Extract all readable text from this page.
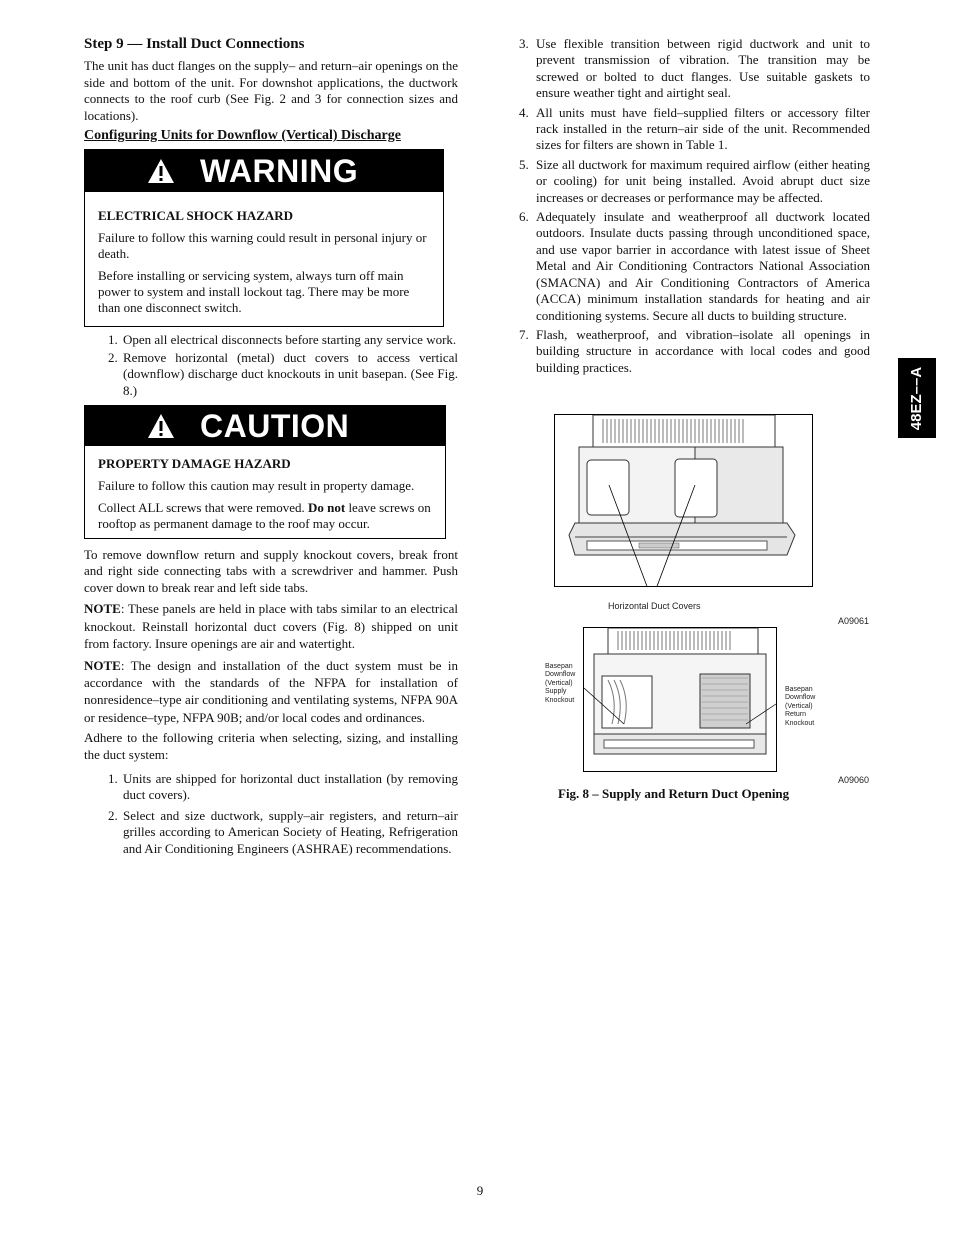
Step 9 — Install Duct Connections

The unit has duct flanges on the supply– and return–air openings on the side and bottom of the unit. For downshot applications, the ductwork connects to the roof curb (See Fig. 2 and 3 for connection sizes and locations).

Configuring Units for Downflow (Vertical) Discharge
WARNING
ELECTRICAL SHOCK HAZARD

Failure to follow this warning could result in personal injury or death.

Before installing or servicing system, always turn off main power to system and install lockout tag. There may be more than one disconnect switch.

1. Open all electrical disconnects before starting any service work.
2. Remove horizontal (metal) duct covers to access vertical (downflow) discharge duct knockouts in unit basepan. (See Fig. 8.)
CAUTION
PROPERTY DAMAGE HAZARD

Failure to follow this caution may result in property damage.

Collect ALL screws that were removed. Do not leave screws on rooftop as permanent damage to the roof may occur.

To remove downflow return and supply knockout covers, break front and right side connecting tabs with a screwdriver and hammer. Push cover down to break rear and left side tabs.

NOTE: These panels are held in place with tabs similar to an electrical knockout. Reinstall horizontal duct covers (Fig. 8) shipped on unit from factory. Insure openings are air and watertight.

NOTE: The design and installation of the duct system must be in accordance with the standards of the NFPA for installation of nonresidence–type air conditioning and ventilating systems, NFPA 90A or residence–type, NFPA 90B; and/or local codes and ordinances.

Adhere to the following criteria when selecting, sizing, and installing the duct system:

1. Units are shipped for horizontal duct installation (by removing duct covers).
2. Select and size ductwork, supply–air registers, and return–air grilles according to American Society of Heating, Refrigeration and Air Conditioning Engineers (ASHRAE) recommendations.
3. Use flexible transition between rigid ductwork and unit to prevent transmission of vibration. The transition may be screwed or bolted to duct flanges. Use suitable gaskets to ensure weather tight and airtight seal.
4. All units must have field–supplied filters or accessory filter rack installed in the return–air side of the unit. Recommended sizes for filters are shown in Table 1.
5. Size all ductwork for maximum required airflow (either heating or cooling) for unit being installed. Avoid abrupt duct size increases or decreases or performance may be affected.
6. Adequately insulate and weatherproof all ductwork located outdoors. Insulate ducts passing through unconditioned space, and use vapor barrier in accordance with latest issue of Sheet Metal and Air Conditioning Contractors National Association (SMACNA) and Air Conditioning Contractors of America (ACCA) minimum installation standards for heating and air conditioning systems. Secure all ducts to building structure.
7. Flash, weatherproof, and vibration–isolate all openings in building structure in accordance with local codes and good building practices.
Horizontal Duct Covers
A09061
Basepan
Downflow
(Vertical)
Supply
Knockout
Basepan
Downflow
(Vertical)
Return
Knockout
A09060
Fig. 8 – Supply and Return Duct Opening
48EZ––A
9
